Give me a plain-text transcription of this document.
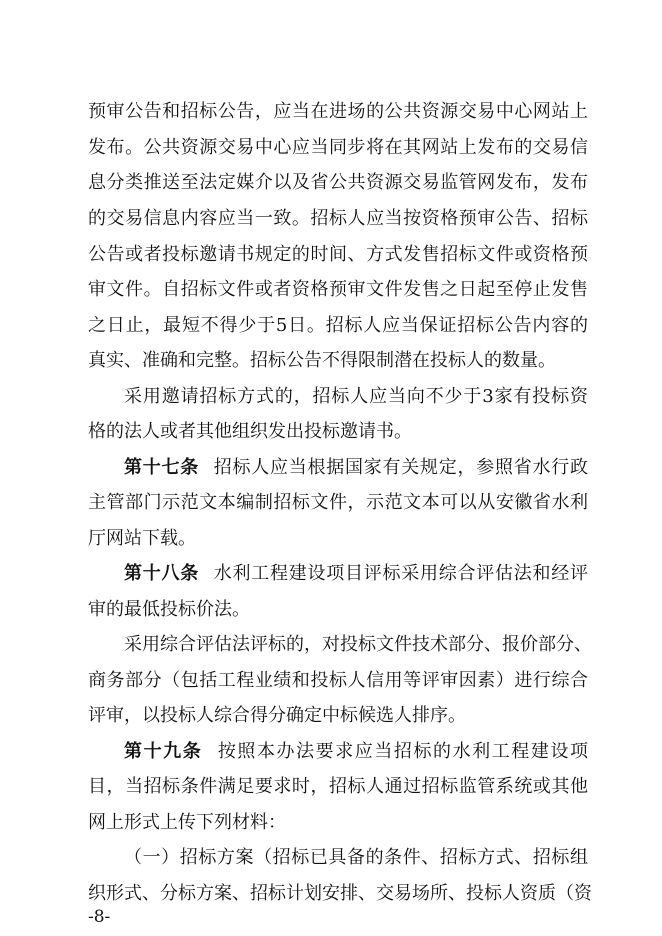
预审公告和招标公告，应当在进场的公共资源交易中心网站上
发布。公共资源交易中心应当同步将在其网站上发布的交易信
息分类推送至法定媒介以及省公共资源交易监管网发布，发布
的交易信息内容应当一致。招标人应当按资格预审公告、招标
公告或者投标邀请书规定的时间、方式发售招标文件或资格预
审文件。自招标文件或者资格预审文件发售之日起至停止发售
之日止，最短不得少于5日。招标人应当保证招标公告内容的
真实、准确和完整。招标公告不得限制潜在投标人的数量。
采用邀请招标方式的，招标人应当向不少于3家有投标资
格的法人或者其他组织发出投标邀请书。
第十七条 招标人应当根据国家有关规定，参照省水行政
主管部门示范文本编制招标文件，示范文本可以从安徽省水利
厅网站下载。
第十八条 水利工程建设项目评标采用综合评估法和经评
审的最低投标价法。
采用综合评估法评标的，对投标文件技术部分、报价部分、
商务部分（包括工程业绩和投标人信用等评审因素）进行综合
评审，以投标人综合得分确定中标候选人排序。
第十九条 按照本办法要求应当招标的水利工程建设项
目，当招标条件满足要求时，招标人通过招标监管系统或其他
网上形式上传下列材料：
（一）招标方案（招标已具备的条件、招标方式、招标组
织形式、分标方案、招标计划安排、交易场所、投标人资质（资
-8-
